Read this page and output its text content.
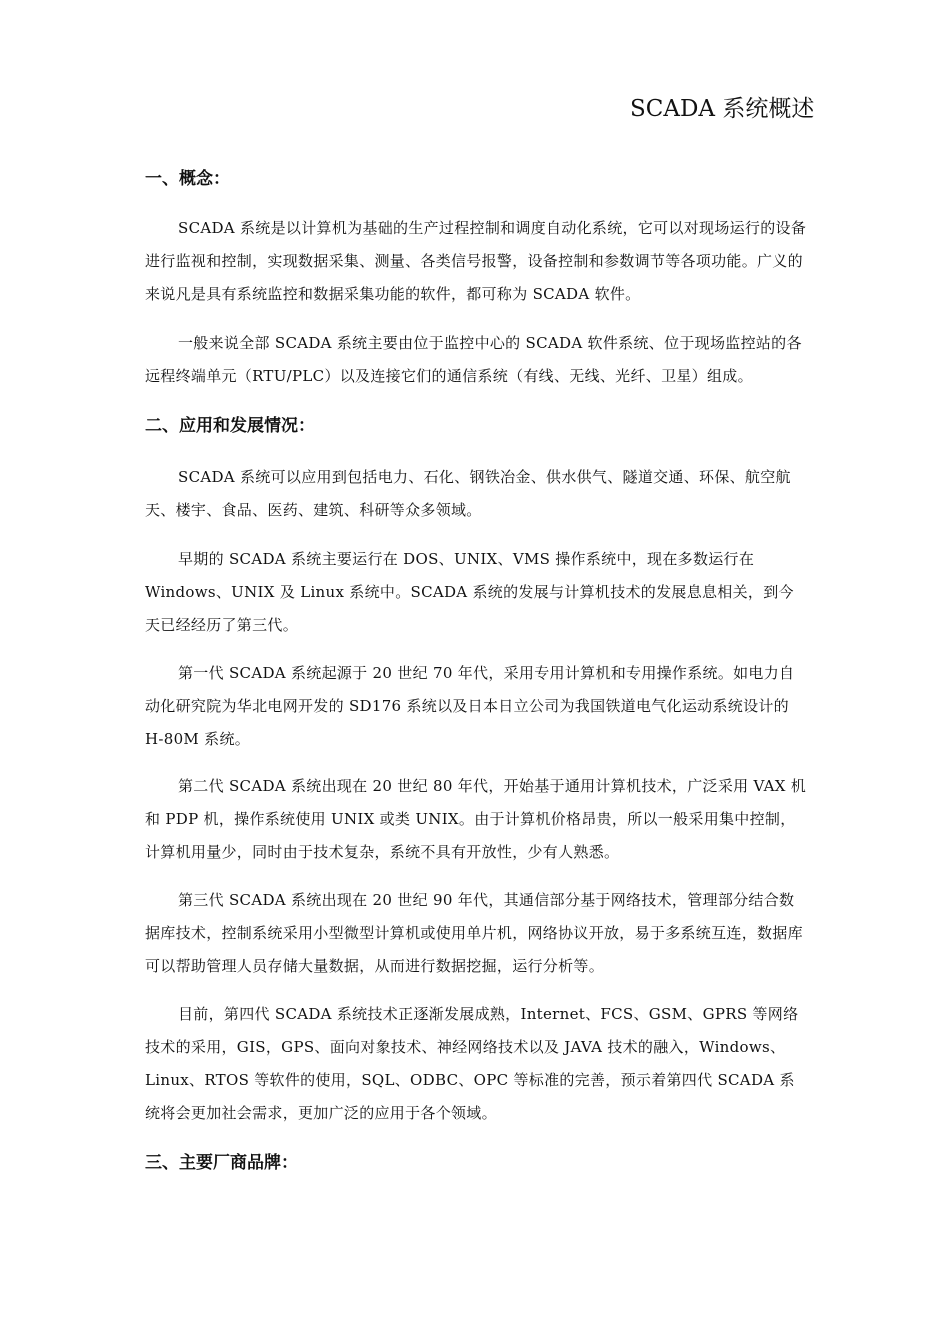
SCADA 系统概述
一、概念：

SCADA 系统是以计算机为基础的生产过程控制和调度自动化系统，它可以对现场运行的设备进行监视和控制，实现数据采集、测量、各类信号报警，设备控制和参数调节等各项功能。广义的来说凡是具有系统监控和数据采集功能的软件，都可称为 SCADA 软件。

一般来说全部 SCADA 系统主要由位于监控中心的 SCADA 软件系统、位于现场监控站的各远程终端单元（RTU/PLC）以及连接它们的通信系统（有线、无线、光纤、卫星）组成。

二、应用和发展情况：

SCADA 系统可以应用到包括电力、石化、钢铁冶金、供水供气、隧道交通、环保、航空航天、楼宇、食品、医药、建筑、科研等众多领域。

早期的 SCADA 系统主要运行在 DOS、UNIX、VMS 操作系统中，现在多数运行在 Windows、UNIX 及 Linux 系统中。SCADA 系统的发展与计算机技术的发展息息相关，到今天已经经历了第三代。

第一代 SCADA 系统起源于 20 世纪 70 年代，采用专用计算机和专用操作系统。如电力自动化研究院为华北电网开发的 SD176 系统以及日本日立公司为我国铁道电气化运动系统设计的 H-80M 系统。

第二代 SCADA 系统出现在 20 世纪 80 年代，开始基于通用计算机技术，广泛采用 VAX 机和 PDP 机，操作系统使用 UNIX 或类 UNIX。由于计算机价格昂贵，所以一般采用集中控制，计算机用量少，同时由于技术复杂，系统不具有开放性，少有人熟悉。

第三代 SCADA 系统出现在 20 世纪 90 年代，其通信部分基于网络技术，管理部分结合数据库技术，控制系统采用小型微型计算机或使用单片机，网络协议开放，易于多系统互连，数据库可以帮助管理人员存储大量数据，从而进行数据挖掘，运行分析等。

目前，第四代 SCADA 系统技术正逐渐发展成熟，Internet、FCS、GSM、GPRS 等网络技术的采用，GIS，GPS、面向对象技术、神经网络技术以及 JAVA 技术的融入，Windows、Linux、RTOS 等软件的使用，SQL、ODBC、OPC 等标准的完善，预示着第四代 SCADA 系统将会更加社会需求，更加广泛的应用于各个领域。

三、主要厂商品牌：
